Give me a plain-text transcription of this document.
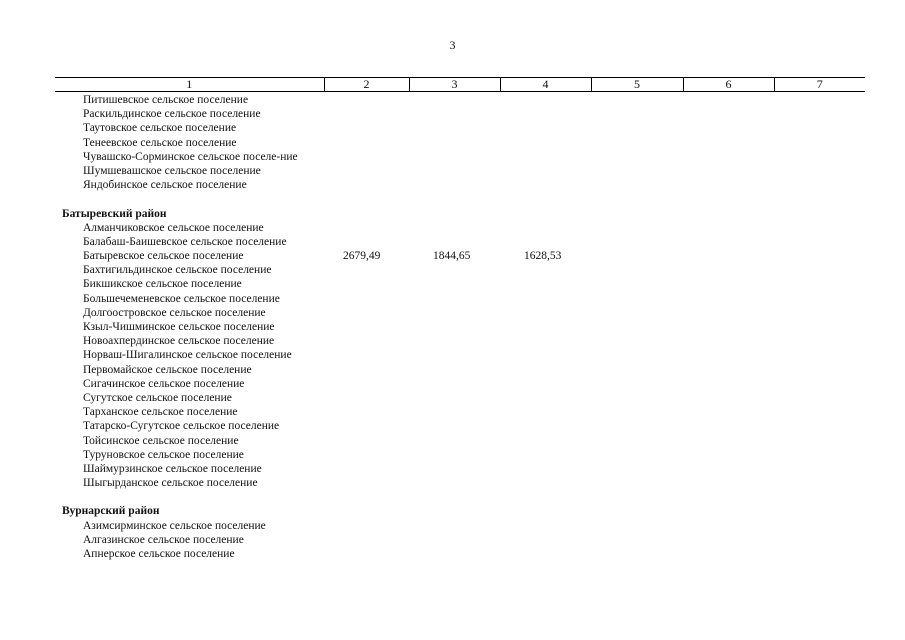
3
1	2	3	4	5	6	7
Питишевское сельское поселение
Раскильдинское сельское поселение
Таутовское сельское поселение
Тенеевское сельское поселение
Чувашско-Сорминское сельское поселе-ние
Шумшевашское сельское поселение
Яндобинское сельское поселение
Батыревский район
Алманчиковское сельское поселение
Балабаш-Баишевское сельское поселение
Батыревское сельское поселение	2679,49	1844,65	1628,53
Бахтигильдинское сельское поселение
Бикшикское сельское поселение
Большечеменевское сельское поселение
Долгоостровское сельское поселение
Кзыл-Чишминское сельское поселение
Новоахпердинское сельское поселение
Норваш-Шигалинское сельское поселение
Первомайское сельское поселение
Сигачинское сельское поселение
Сугутское сельское поселение
Тарханское сельское поселение
Татарско-Сугутское сельское поселение
Тойсинское сельское поселение
Туруновское сельское поселение
Шаймурзинское сельское поселение
Шыгырданское сельское поселение
Вурнарский район
Азимсирминское сельское поселение
Алгазинское сельское поселение
Апнерское сельское поселение
